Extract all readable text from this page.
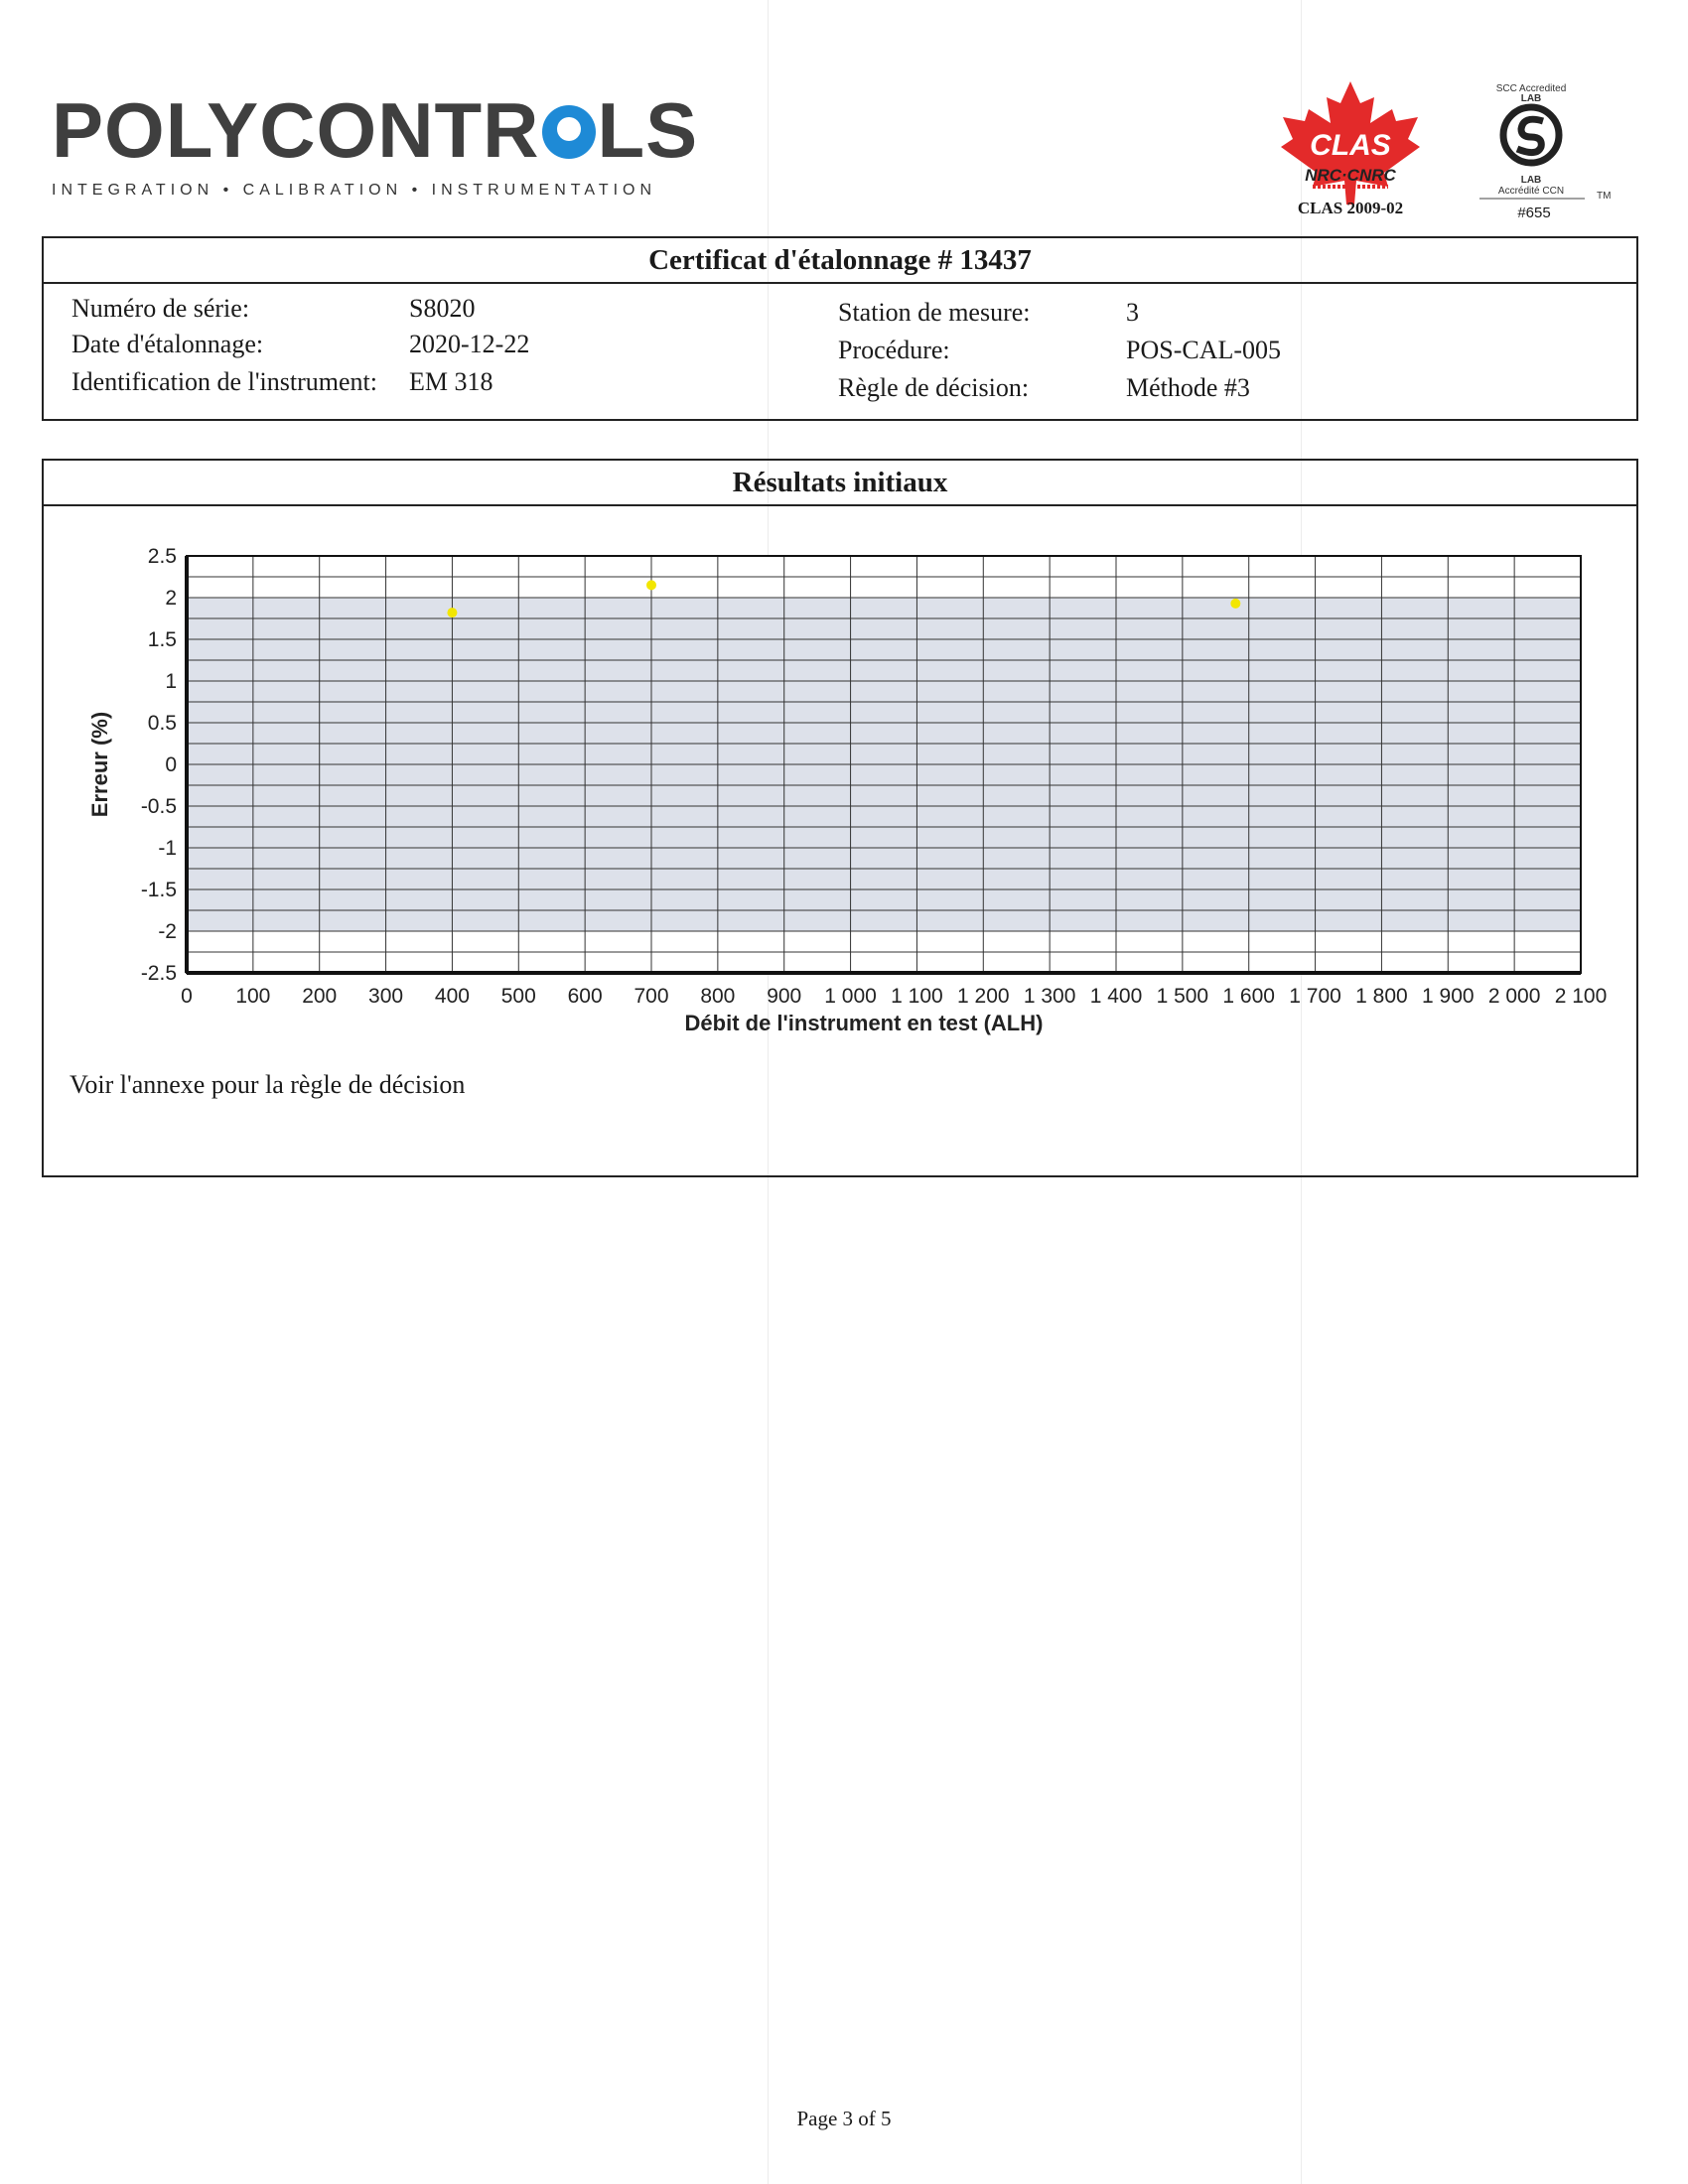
POLYCONTR LS
INTEGRATION • CALIBRATION • INSTRUMENTATION
CLAS
NRC·CNRC
CLAS 2009-02
SCC Accredited
LAB
LAB
Accrédité CCN	TM
#655
Certificat d'étalonnage # 13437
Numéro de série:	S8020
Date d'étalonnage:	2020-12-22
Identification de l'instrument: EM 318
Station de mesure:	3
Procédure:	POS-CAL-005
Règle de décision:	Méthode #3
Résultats initiaux
Voir l'annexe pour la règle de décision
2.5
2
1.5
1
0.5
0
-0.5
-1
-1.5
-2
-2.5
0 100 200 300 400 500 600 700 800 900 1 000 1 100 1 200 1 300 1 400 1 500 1 600 1 700 1 800 1 900 2 000 2 100
Erreur (%)
Débit de l'instrument en test (ALH)
Page 3 of 5
